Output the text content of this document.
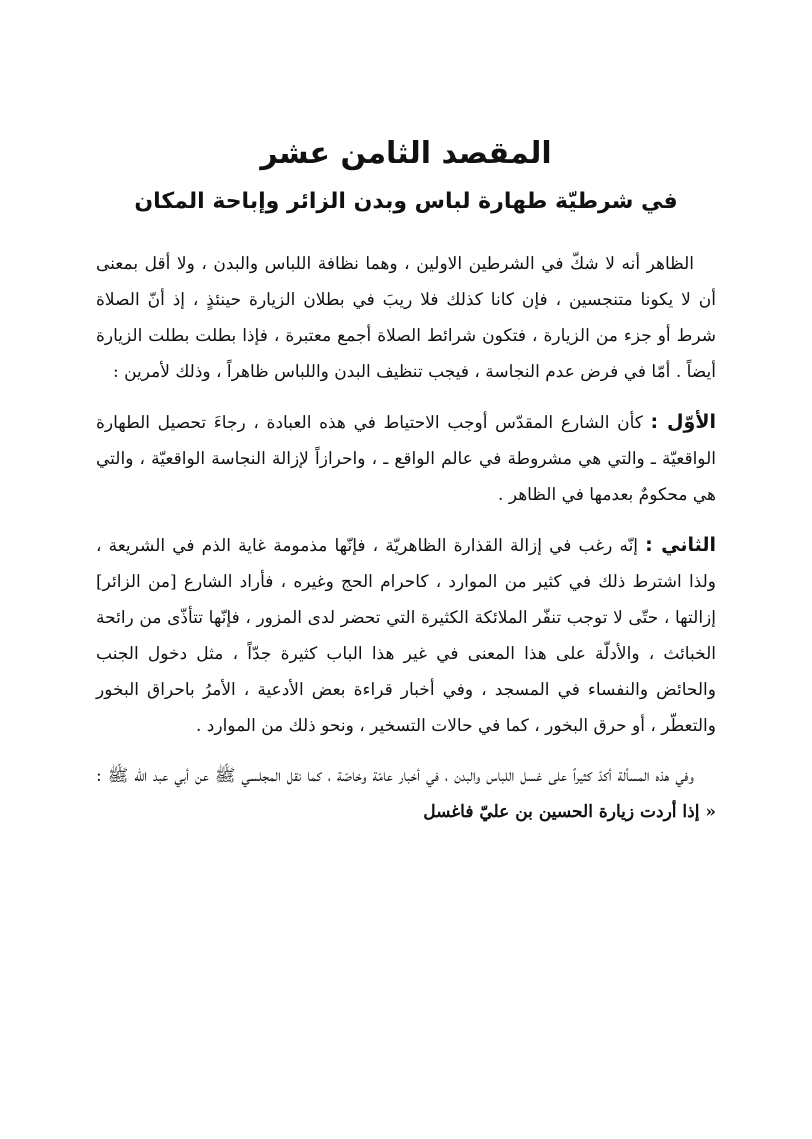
المقصد الثامن عشر
في شرطيّة طهارة لباس وبدن الزائر وإباحة المكان

الظاهر أنه لا شكّ في الشرطين الاولين ، وهما نظافة اللباس والبدن ، ولا أقل بمعنى أن لا يكونا متنجسين ، فإن كانا كذلك فلا ريبَ في بطلان الزيارة حينئذٍ ، إذ أنّ الصلاة شرط أو جزء من الزيارة ، فتكون شرائط الصلاة أجمع معتبرة ، فإذا بطلت بطلت الزيارة أيضاً . أمّا في فرض عدم النجاسة ، فيجب تنظيف البدن واللباس ظاهراً ، وذلك لأمرين :

الأوّل : كأن الشارع المقدّس أوجب الاحتياط في هذه العبادة ، رجاءَ تحصيل الطهارة الواقعيّة ـ والتي هي مشروطة في عالم الواقع ـ ، واحرازاً لإزالة النجاسة الواقعيّة ، والتي هي محكومٌ بعدمها في الظاهر .

الثاني : إنّه رغب في إزالة القذارة الظاهريّة ، فإنّها مذمومة غاية الذم في الشريعة ، ولذا اشترط ذلك في كثير من الموارد ، كاحرام الحج وغيره ، فأراد الشارع [من الزائر] إزالتها ، حتّى لا توجب تنفّر الملائكة الكثيرة التي تحضر لدى المزور ، فإنّها تتأذّى من رائحة الخبائث ، والأدلّة على هذا المعنى في غير هذا الباب كثيرة جدّاً ، مثل دخول الجنب والحائض والنفساء في المسجد ، وفي أخبار قراءة بعض الأدعية ، الأمرُ باحراق البخور والتعطّر ، أو حرق البخور ، كما في حالات التسخير ، ونحو ذلك من الموارد .

وفي هذه المسألة أكدّ كثيراً على غسل اللباس والبدن ، في أخبار عامّة وخاصّة ، كما نقل المجلسي ﷺ عن أبي عبد الله ﷺ : « إذا أردت زيارة الحسين بن عليّ فاغسل
